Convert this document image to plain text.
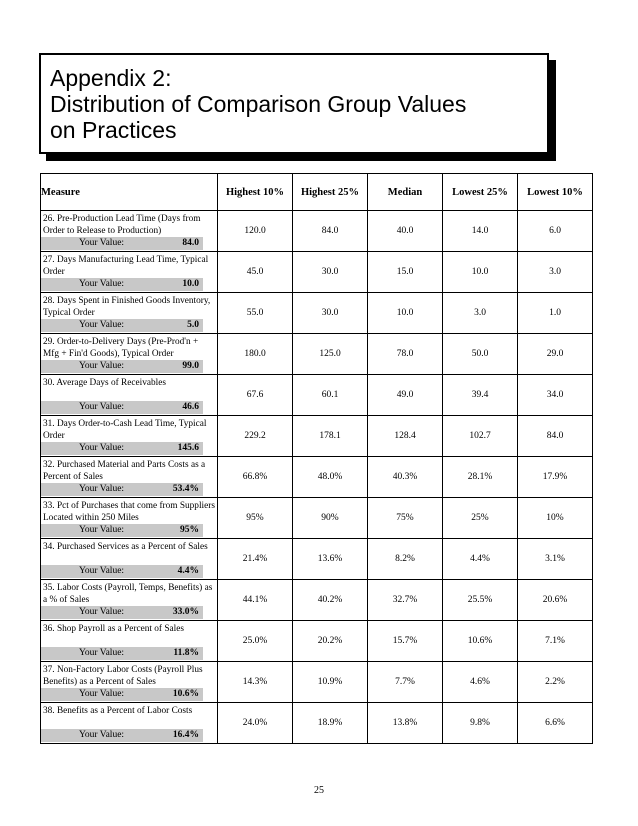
Appendix 2:
Distribution of Comparison Group Values
on Practices
Measure	Highest 10%	Highest 25%	Median	Lowest 25%	Lowest 10%

26. Pre-Production Lead Time (Days from Order to Release to Production)
Your Value: 84.0	120.0	84.0	40.0	14.0	6.0

27. Days Manufacturing Lead Time, Typical Order
Your Value: 10.0	45.0	30.0	15.0	10.0	3.0

28. Days Spent in Finished Goods Inventory, Typical Order
Your Value: 5.0	55.0	30.0	10.0	3.0	1.0

29. Order-to-Delivery Days (Pre-Prod'n + Mfg + Fin'd Goods), Typical Order
Your Value: 99.0	180.0	125.0	78.0	50.0	29.0

30. Average Days of Receivables
Your Value: 46.6	67.6	60.1	49.0	39.4	34.0

31. Days Order-to-Cash Lead Time, Typical Order
Your Value: 145.6	229.2	178.1	128.4	102.7	84.0

32. Purchased Material and Parts Costs as a Percent of Sales
Your Value: 53.4%	66.8%	48.0%	40.3%	28.1%	17.9%

33. Pct of Purchases that come from Suppliers Located within 250 Miles
Your Value: 95%	95%	90%	75%	25%	10%

34. Purchased Services as a Percent of Sales
Your Value: 4.4%	21.4%	13.6%	8.2%	4.4%	3.1%

35. Labor Costs (Payroll, Temps, Benefits) as a % of Sales
Your Value: 33.0%	44.1%	40.2%	32.7%	25.5%	20.6%

36. Shop Payroll as a Percent of Sales
Your Value: 11.8%	25.0%	20.2%	15.7%	10.6%	7.1%

37. Non-Factory Labor Costs (Payroll Plus Benefits) as a Percent of Sales
Your Value: 10.6%	14.3%	10.9%	7.7%	4.6%	2.2%

38. Benefits as a Percent of Labor Costs
Your Value: 16.4%	24.0%	18.9%	13.8%	9.8%	6.6%
25
